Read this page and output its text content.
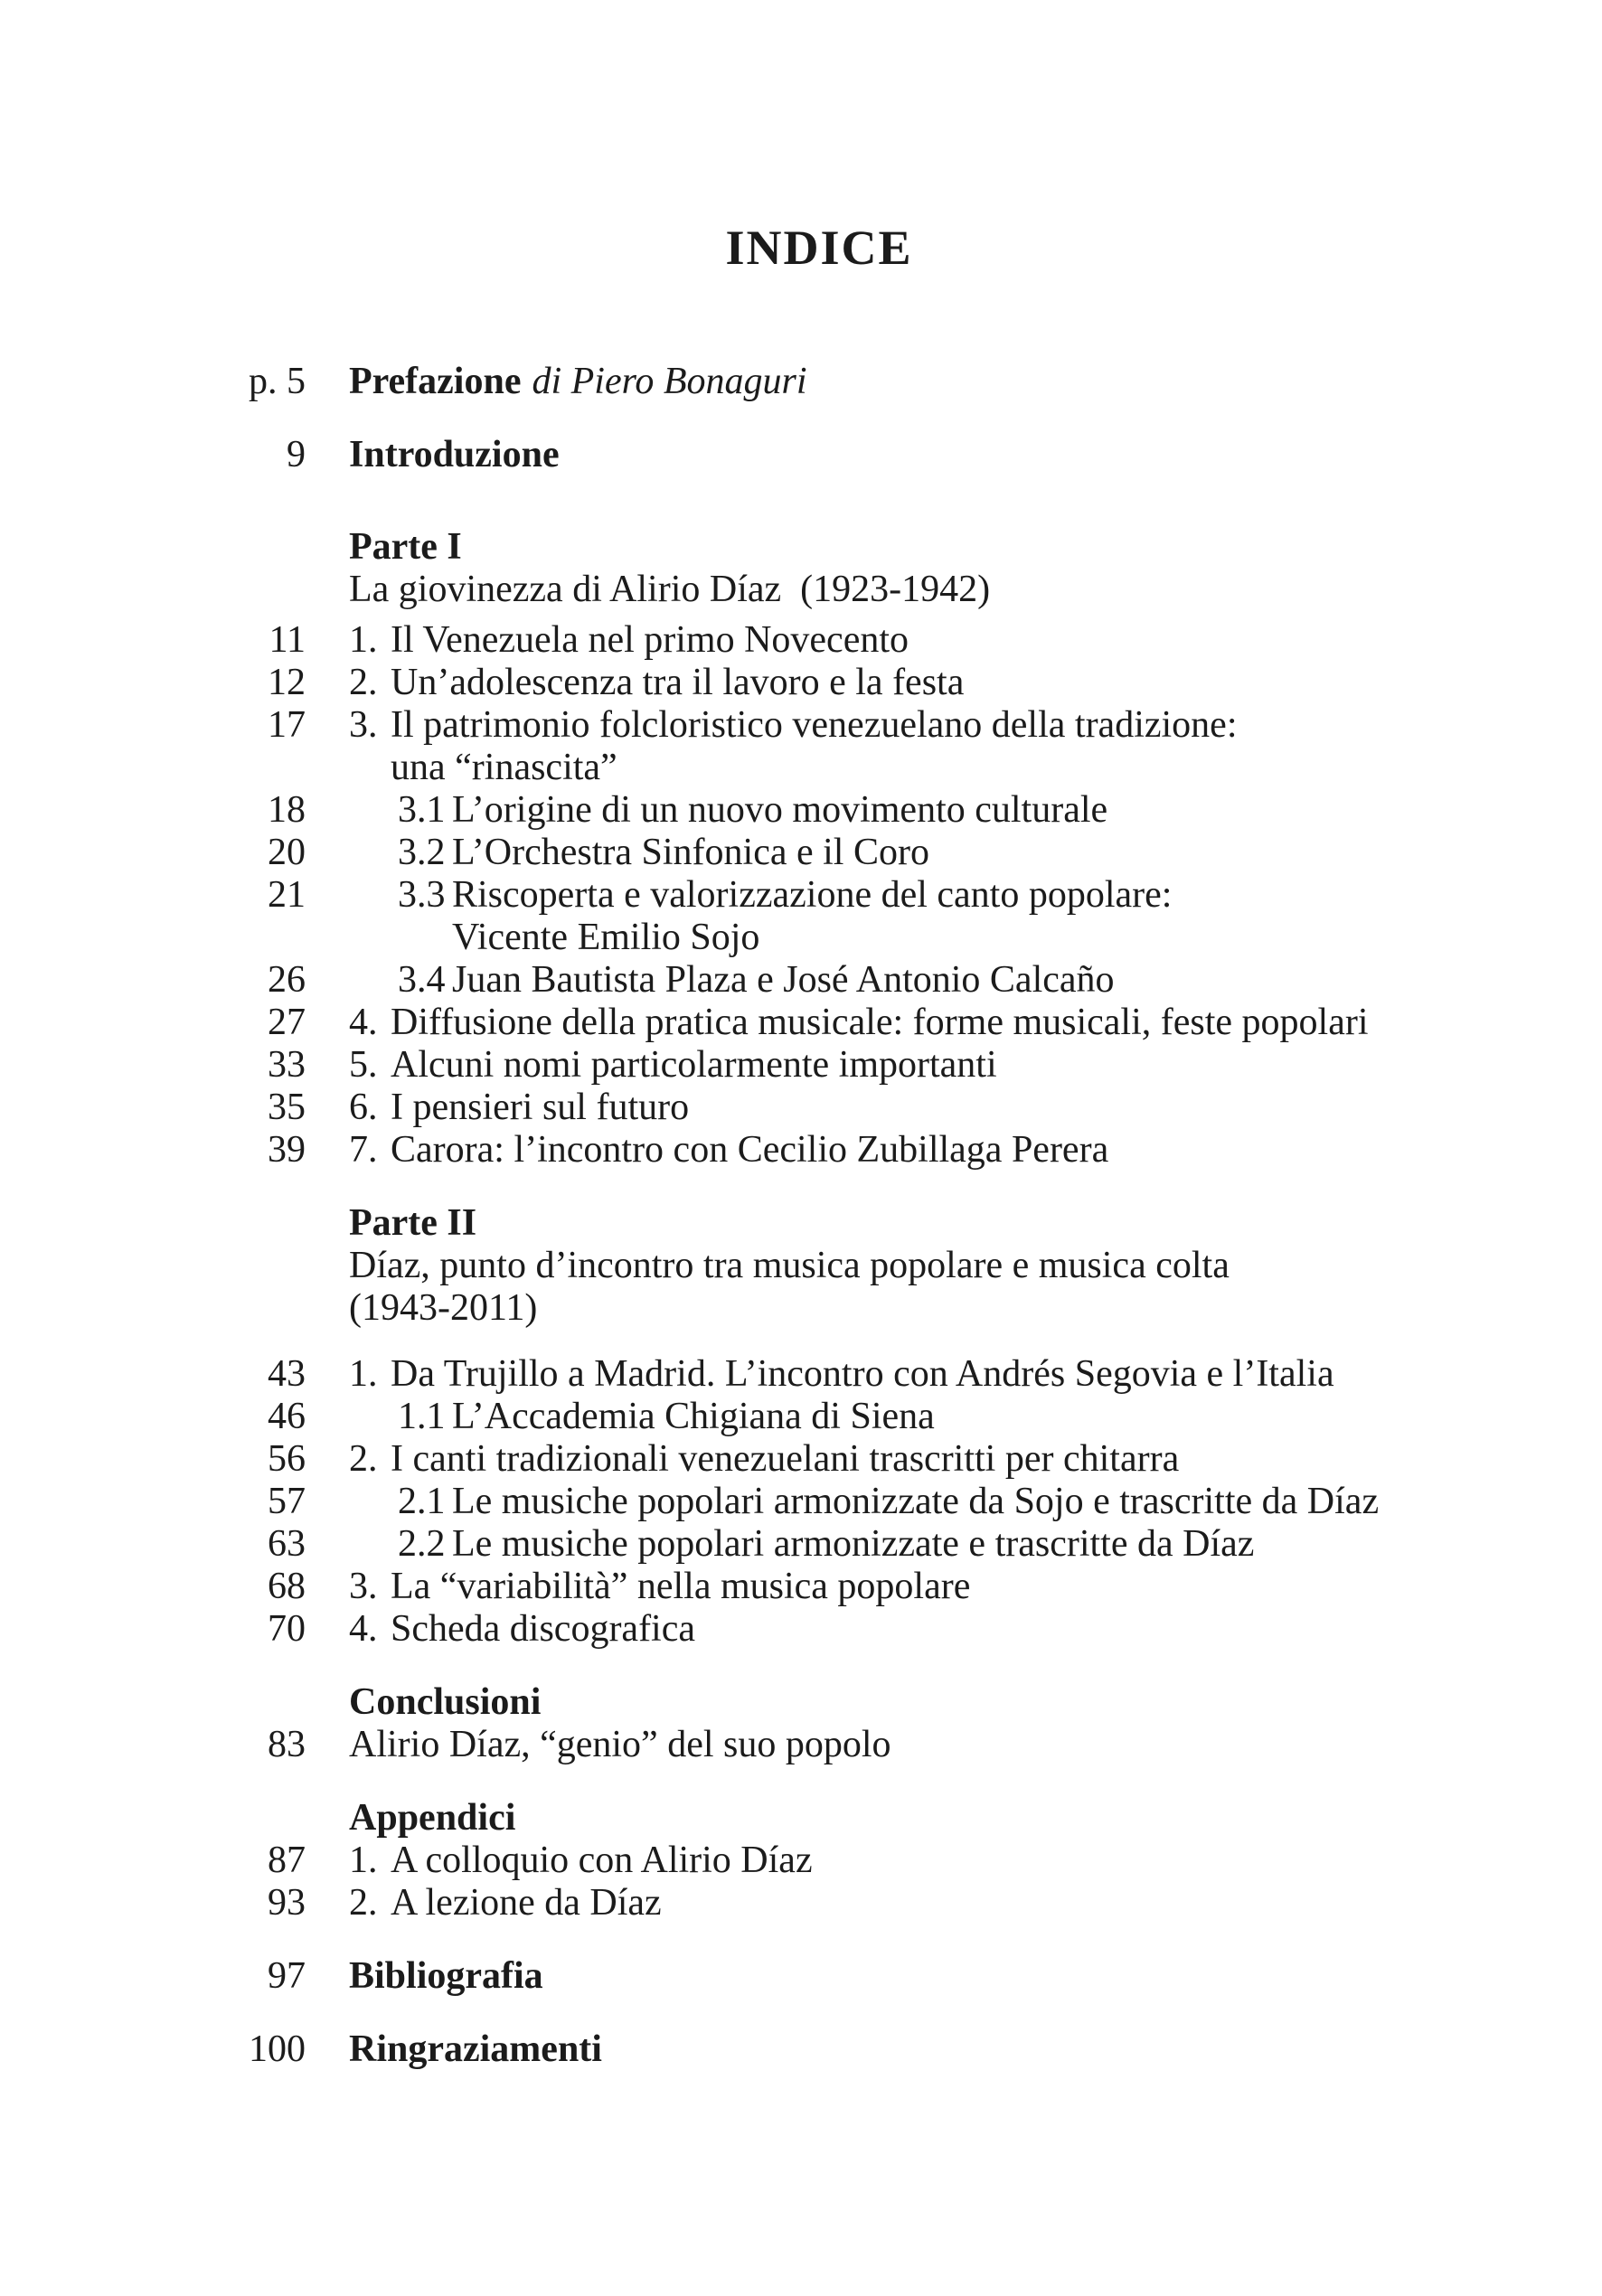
INDICE
p. 5 Prefazione di Piero Bonaguri
9 Introduzione
Parte I
La giovinezza di Alirio Díaz  (1923-1942)
11 1. Il Venezuela nel primo Novecento
12 2. Un’adolescenza tra il lavoro e la festa
17 3. Il patrimonio folcloristico venezuelano della tradizione:
una “rinascita”
18 3.1 L’origine di un nuovo movimento culturale
20 3.2 L’Orchestra Sinfonica e il Coro
21 3.3 Riscoperta e valorizzazione del canto popolare:
Vicente Emilio Sojo
26 3.4 Juan Bautista Plaza e José Antonio Calcaño
27 4. Diffusione della pratica musicale: forme musicali, feste popolari
33 5. Alcuni nomi particolarmente importanti
35 6. I pensieri sul futuro
39 7. Carora: l’incontro con Cecilio Zubillaga Perera
Parte II
Díaz, punto d’incontro tra musica popolare e musica colta
(1943-2011)
43 1. Da Trujillo a Madrid. L’incontro con Andrés Segovia e l’Italia
46 1.1 L’Accademia Chigiana di Siena
56 2. I canti tradizionali venezuelani trascritti per chitarra
57 2.1 Le musiche popolari armonizzate da Sojo e trascritte da Díaz
63 2.2 Le musiche popolari armonizzate e trascritte da Díaz
68 3. La “variabilità” nella musica popolare
70 4. Scheda discografica
Conclusioni
83 Alirio Díaz, “genio” del suo popolo
Appendici
87 1. A colloquio con Alirio Díaz
93 2. A lezione da Díaz
97 Bibliografia
100 Ringraziamenti
